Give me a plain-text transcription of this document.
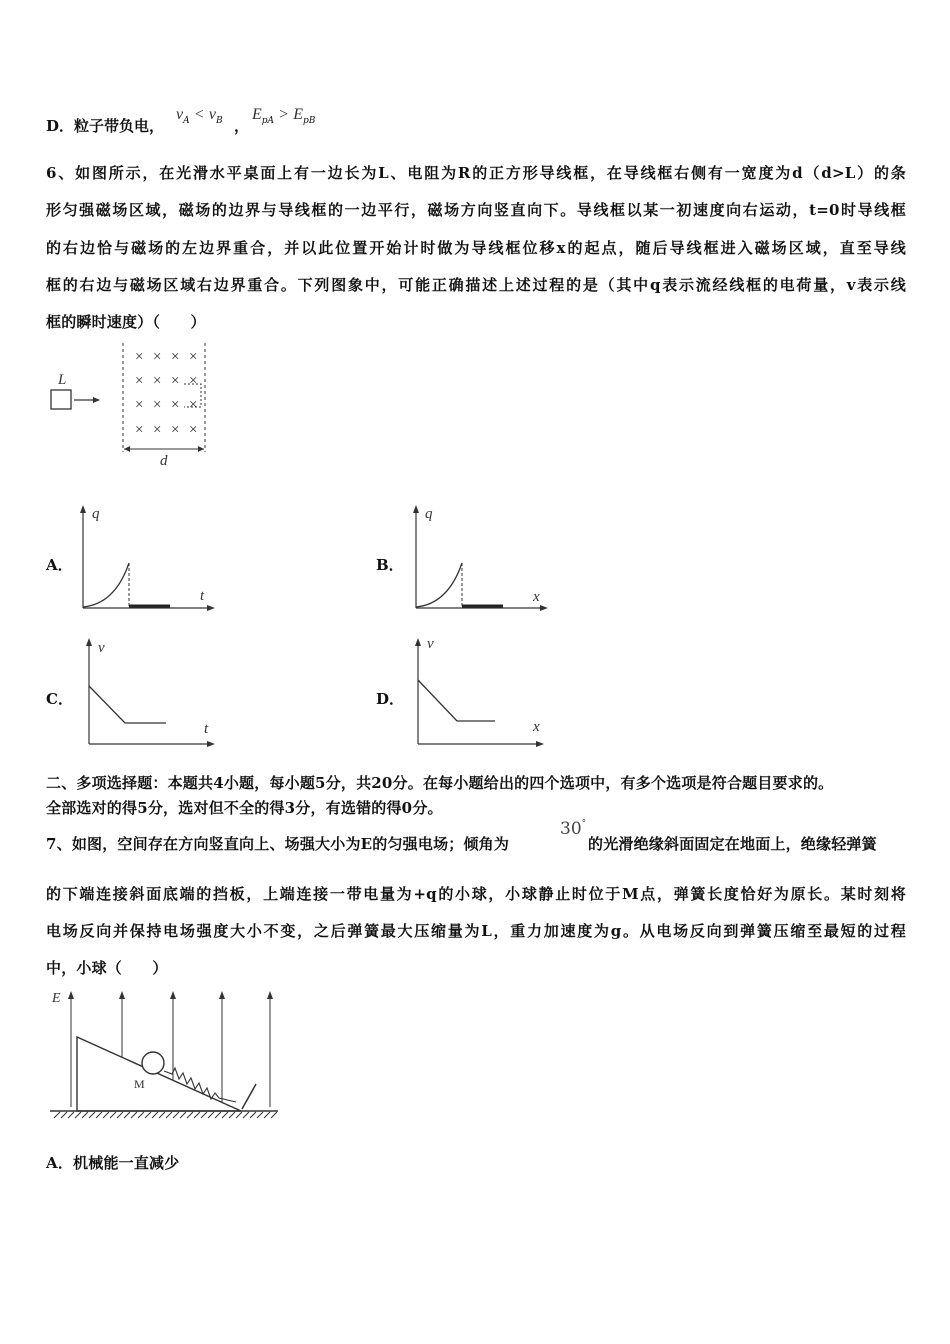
D．粒子带负电，
$v_A < v_B$ ，
$E_{pA} > E_{pB}$
6、如图所示，在光滑水平桌面上有一边长为L、电阻为R的正方形导线框，在导线框右侧有一宽度为d（d>L）的条
形匀强磁场区域，磁场的边界与导线框的一边平行，磁场方向竖直向下。导线框以某一初速度向右运动，t=0时导线框
的右边恰与磁场的左边界重合，并以此位置开始计时做为导线框位移x的起点，随后导线框进入磁场区域，直至导线
框的右边与磁场区域右边界重合。下列图象中，可能正确描述上述过程的是（其中q表示流经线框的电荷量，v表示线
框的瞬时速度）（　　）
L
× × × ×
× × × ×
× × × ×
× × × ×
d
A．
q
t
B．
q
x
C．
v
t
D．
v
x
二、多项选择题：本题共4小题，每小题5分，共20分。在每小题给出的四个选项中，有多个选项是符合题目要求的。
全部选对的得5分，选对但不全的得3分，有选错的得0分。
7、如图，空间存在方向竖直向上、场强大小为E的匀强电场；倾角为
30°
的光滑绝缘斜面固定在地面上，绝缘轻弹簧
的下端连接斜面底端的挡板，上端连接一带电量为+q的小球，小球静止时位于M点，弹簧长度恰好为原长。某时刻将
电场反向并保持电场强度大小不变，之后弹簧最大压缩量为L，重力加速度为g。从电场反向到弹簧压缩至最短的过程
中，小球（　　）
E
M
A．机械能一直减少
